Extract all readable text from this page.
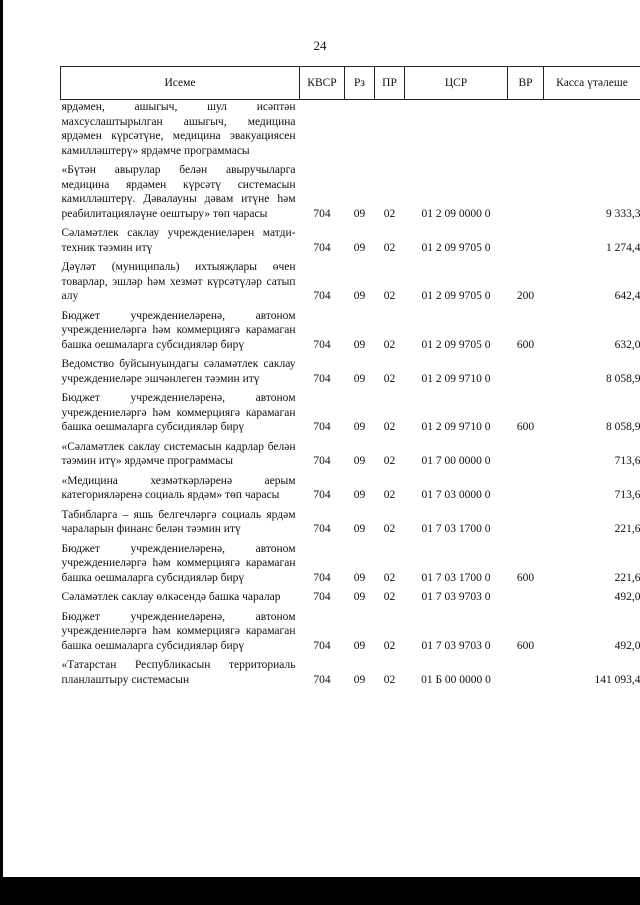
24
Исеме	КВСР	Рз	ПР	ЦСР	ВР	Касса үтәлеше
ярдәмен, ашыгыч, шул исәптән махсуслаштырылган ашыгыч, медицина ярдәмен күрсәтүне, медицина эвакуациясен камилләштерү» ярдәмче программасы						
«Бүтән авырулар белән авыручыларга медицина ярдәмен күрсәтү системасын камилләштерү. Дәвалауны дәвам итүне һәм реабилитацияләүне оештыру» төп чарасы	704	09	02	01 2 09 0000 0		9 333,3
Сәламәтлек саклау учреждениеләрен матди-техник тәэмин итү	704	09	02	01 2 09 9705 0		1 274,4
Дәүләт (муниципаль) ихтыяҗлары өчен товарлар, эшләр һәм хезмәт күрсәтүләр сатып алу	704	09	02	01 2 09 9705 0	200	642,4
Бюджет учреждениеләренә, автоном учреждениеләргә һәм коммерциягә карамаган башка оешмаларга субсидияләр бирү	704	09	02	01 2 09 9705 0	600	632,0
Ведомство буйсынуындагы сәламәтлек саклау учреждениеләре эшчәнлеген тәэмин итү	704	09	02	01 2 09 9710 0		8 058,9
Бюджет учреждениеләренә, автоном учреждениеләргә һәм коммерциягә карамаган башка оешмаларга субсидияләр бирү	704	09	02	01 2 09 9710 0	600	8 058,9
«Сәламәтлек саклау системасын кадрлар белән тәэмин итү» ярдәмче программасы	704	09	02	01 7 00 0000 0		713,6
«Медицина хезмәткәрләренә аерым категорияләренә социаль ярдәм» төп чарасы	704	09	02	01 7 03 0000 0		713,6
Табибларга – яшь белгечләргә социаль ярдәм чараларын финанс белән тәэмин итү	704	09	02	01 7 03 1700 0		221,6
Бюджет учреждениеләренә, автоном учреждениеләргә һәм коммерциягә карамаган башка оешмаларга субсидияләр бирү	704	09	02	01 7 03 1700 0	600	221,6
Сәламәтлек саклау өлкәсендә башка чаралар	704	09	02	01 7 03 9703 0		492,0
Бюджет учреждениеләренә, автоном учреждениеләргә һәм коммерциягә карамаган башка оешмаларга субсидияләр бирү	704	09	02	01 7 03 9703 0	600	492,0
«Татарстан Республикасын территориаль планлаштыру системасын	704	09	02	01 Б 00 0000 0		141 093,4
